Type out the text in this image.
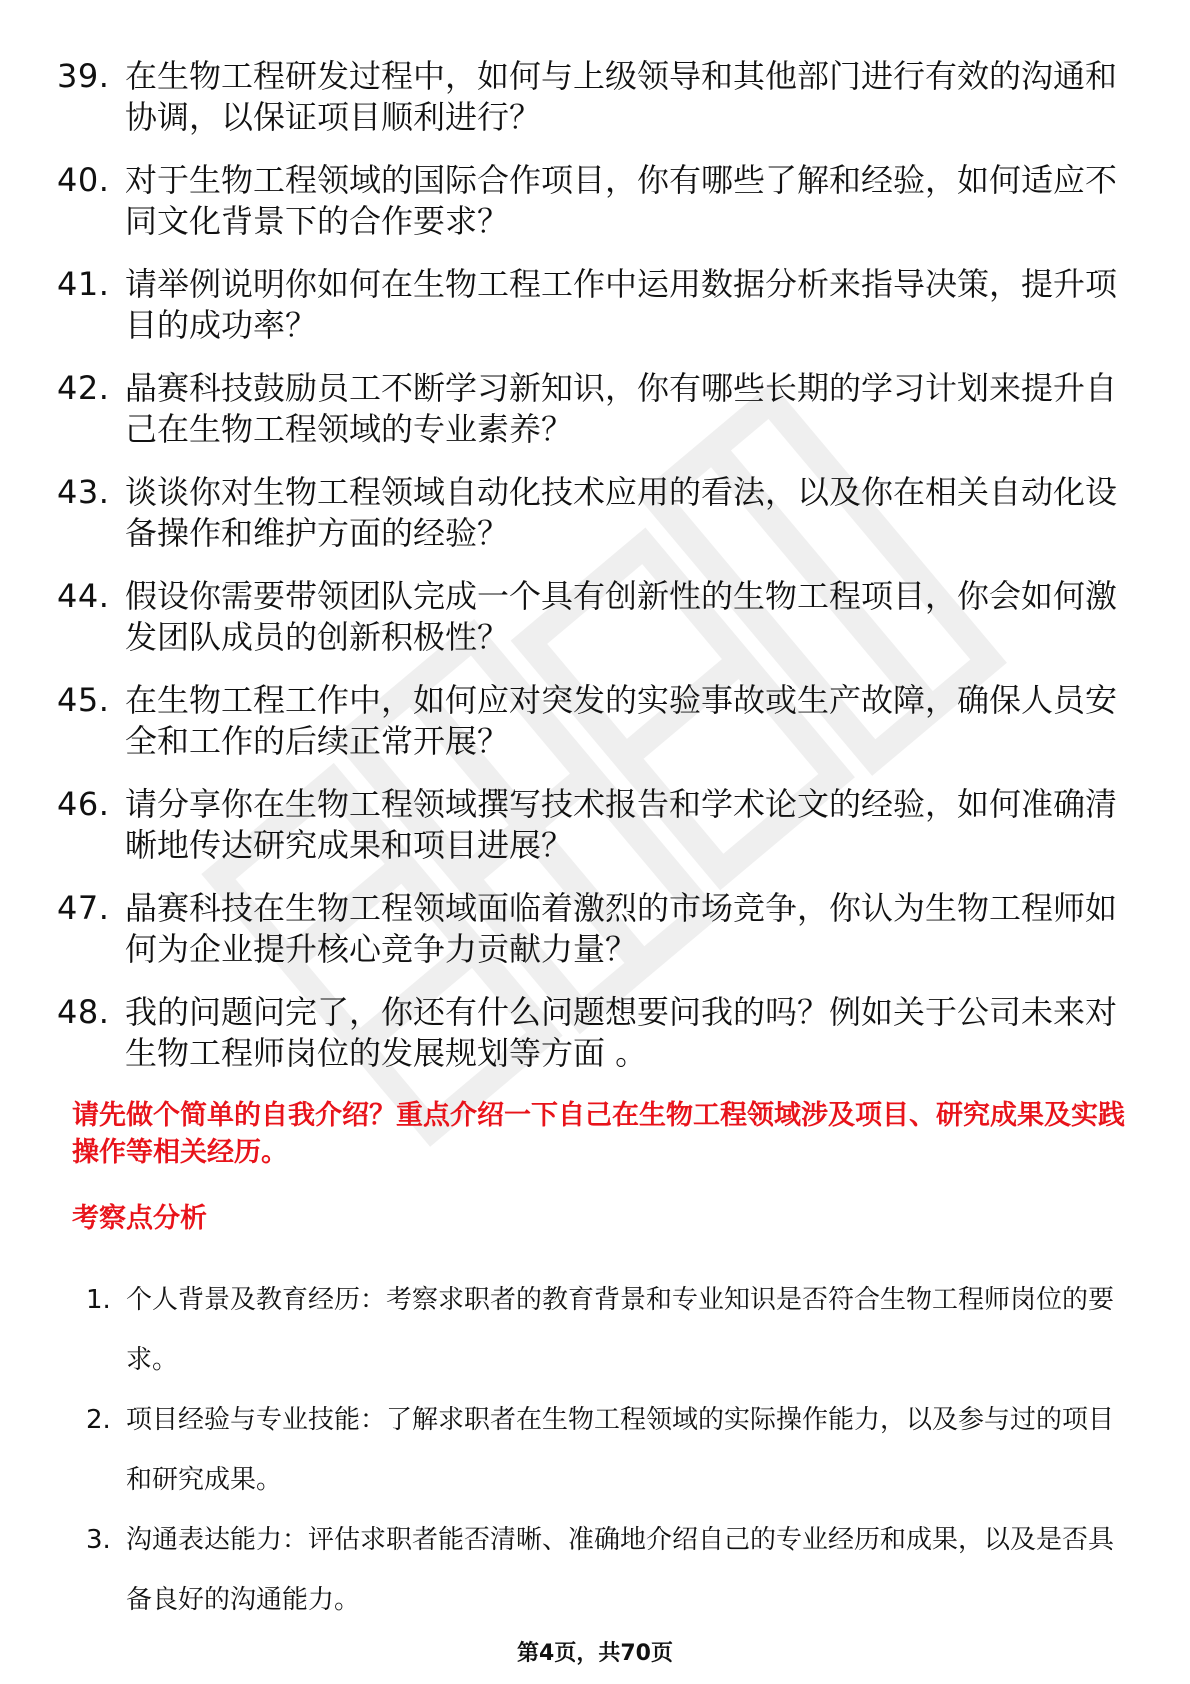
39. 在生物工程研发过程中，如何与上级领导和其他部门进行有效的沟通和协调，以保证项目顺利进行？
40. 对于生物工程领域的国际合作项目，你有哪些了解和经验，如何适应不同文化背景下的合作要求？
41. 请举例说明你如何在生物工程工作中运用数据分析来指导决策，提升项目的成功率？
42. 晶赛科技鼓励员工不断学习新知识，你有哪些长期的学习计划来提升自己在生物工程领域的专业素养？
43. 谈谈你对生物工程领域自动化技术应用的看法，以及你在相关自动化设备操作和维护方面的经验？
44. 假设你需要带领团队完成一个具有创新性的生物工程项目，你会如何激发团队成员的创新积极性？
45. 在生物工程工作中，如何应对突发的实验事故或生产故障，确保人员安全和工作的后续正常开展？
46. 请分享你在生物工程领域撰写技术报告和学术论文的经验，如何准确清晰地传达研究成果和项目进展？
47. 晶赛科技在生物工程领域面临着激烈的市场竞争，你认为生物工程师如何为企业提升核心竞争力贡献力量？
48. 我的问题问完了，你还有什么问题想要问我的吗？例如关于公司未来对生物工程师岗位的发展规划等方面 。

请先做个简单的自我介绍？重点介绍一下自己在生物工程领域涉及项目、研究成果及实践操作等相关经历。

考察点分析
1. 个人背景及教育经历：考察求职者的教育背景和专业知识是否符合生物工程师岗位的要求。
2. 项目经验与专业技能：了解求职者在生物工程领域的实际操作能力，以及参与过的项目和研究成果。
3. 沟通表达能力：评估求职者能否清晰、准确地介绍自己的专业经历和成果，以及是否具备良好的沟通能力。
第4页，共70页
